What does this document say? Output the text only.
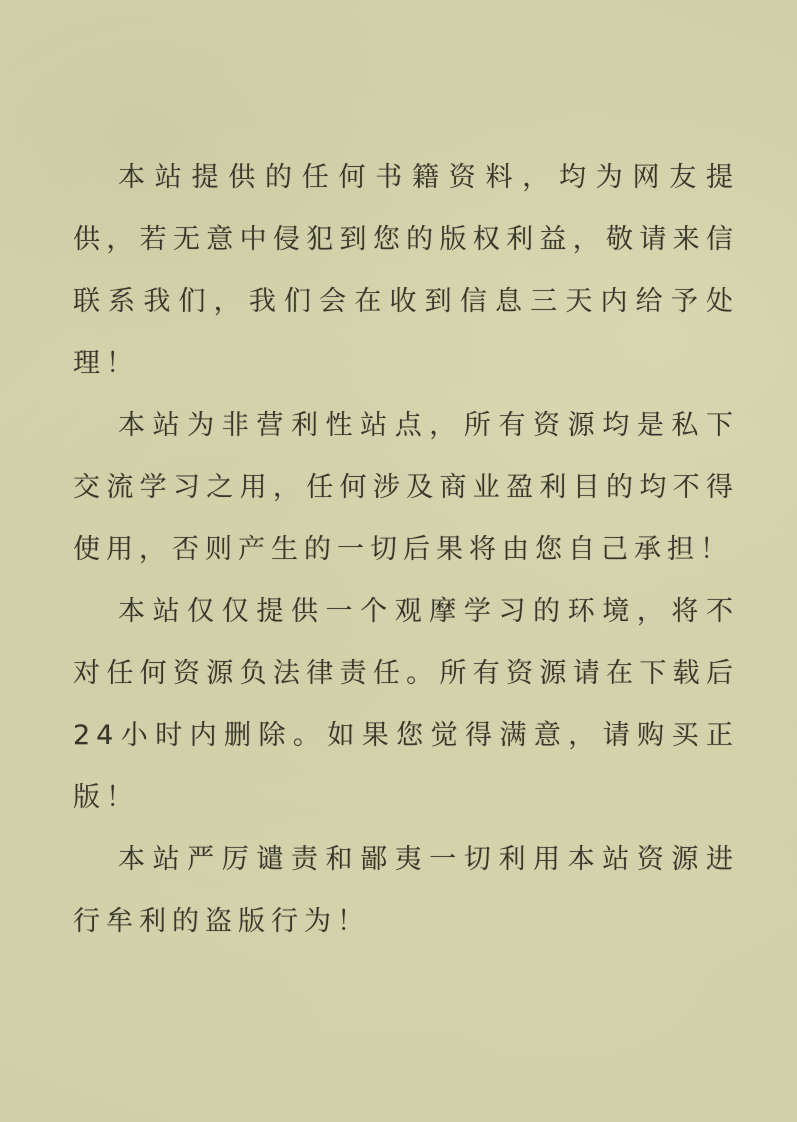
本站提供的任何书籍资料，均为网友提供，若无意中侵犯到您的版权利益，敬请来信联系我们，我们会在收到信息三天内给予处理！

本站为非营利性站点，所有资源均是私下交流学习之用，任何涉及商业盈利目的均不得使用，否则产生的一切后果将由您自己承担！

本站仅仅提供一个观摩学习的环境，将不对任何资源负法律责任。所有资源请在下载后24小时内删除。如果您觉得满意，请购买正版！

本站严厉谴责和鄙夷一切利用本站资源进行牟利的盗版行为！
